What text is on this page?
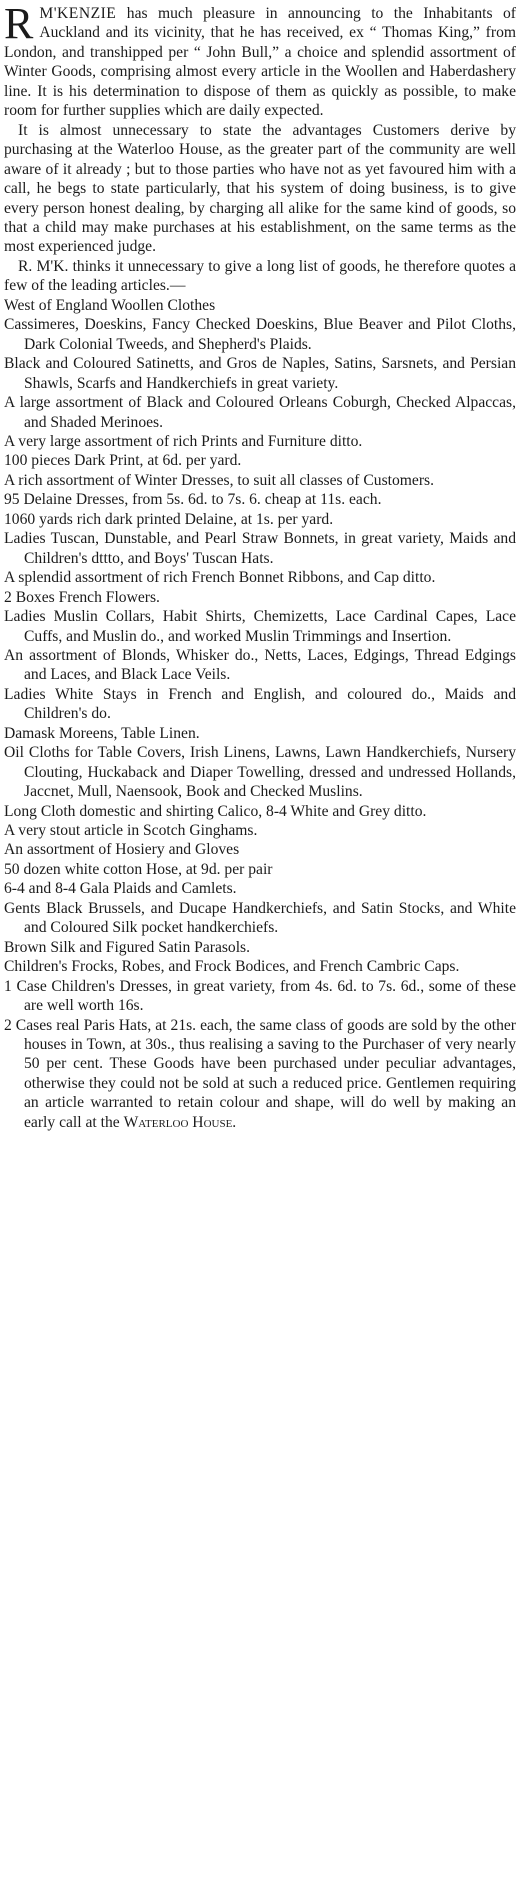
R M'KENZIE has much pleasure in announcing to the Inhabitants of Auckland and its vicinity, that he has received, ex “ Thomas King,” from London, and transhipped per “ John Bull,” a choice and splendid assortment of Winter Goods, comprising almost every article in the Woollen and Haberdashery line. It is his determination to dispose of them as quickly as possible, to make room for further supplies which are daily expected.

It is almost unnecessary to state the advantages Customers derive by purchasing at the Waterloo House, as the greater part of the community are well aware of it already ; but to those parties who have not as yet favoured him with a call, he begs to state particularly, that his system of doing business, is to give every person honest dealing, by charging all alike for the same kind of goods, so that a child may make purchases at his establishment, on the same terms as the most experienced judge.

R. M'K. thinks it unnecessary to give a long list of goods, he therefore quotes a few of the leading articles.—

West of England Woollen Clothes

Cassimeres, Doeskins, Fancy Checked Doeskins, Blue Beaver and Pilot Cloths, Dark Colonial Tweeds, and Shepherd's Plaids.

Black and Coloured Satinetts, and Gros de Naples, Satins, Sarsnets, and Persian Shawls, Scarfs and Handkerchiefs in great variety.

A large assortment of Black and Coloured Orleans Coburgh, Checked Alpaccas, and Shaded Merinoes.

A very large assortment of rich Prints and Furniture ditto.

100 pieces Dark Print, at 6d. per yard.

A rich assortment of Winter Dresses, to suit all classes of Customers.

95 Delaine Dresses, from 5s. 6d. to 7s. 6. cheap at 11s. each.

1060 yards rich dark printed Delaine, at 1s. per yard.

Ladies Tuscan, Dunstable, and Pearl Straw Bonnets, in great variety, Maids and Children's dttto, and Boys' Tuscan Hats.

A splendid assortment of rich French Bonnet Ribbons, and Cap ditto.

2 Boxes French Flowers.

Ladies Muslin Collars, Habit Shirts, Chemizetts, Lace Cardinal Capes, Lace Cuffs, and Muslin do., and worked Muslin Trimmings and Insertion.

An assortment of Blonds, Whisker do., Netts, Laces, Edgings, Thread Edgings and Laces, and Black Lace Veils.

Ladies White Stays in French and English, and coloured do., Maids and Children's do.

Damask Moreens, Table Linen.

Oil Cloths for Table Covers, Irish Linens, Lawns, Lawn Handkerchiefs, Nursery Clouting, Huckaback and Diaper Towelling, dressed and undressed Hollands, Jaccnet, Mull, Naensook, Book and Checked Muslins.

Long Cloth domestic and shirting Calico, 8-4 White and Grey ditto.

A very stout article in Scotch Ginghams.

An assortment of Hosiery and Gloves

50 dozen white cotton Hose, at 9d. per pair

6-4 and 8-4 Gala Plaids and Camlets.

Gents Black Brussels, and Ducape Handkerchiefs, and Satin Stocks, and White and Coloured Silk pocket handkerchiefs.

Brown Silk and Figured Satin Parasols.

Children's Frocks, Robes, and Frock Bodices, and French Cambric Caps.

1 Case Children's Dresses, in great variety, from 4s. 6d. to 7s. 6d., some of these are well worth 16s.

2 Cases real Paris Hats, at 21s. each, the same class of goods are sold by the other houses in Town, at 30s., thus realising a saving to the Purchaser of very nearly 50 per cent. These Goods have been purchased under peculiar advantages, otherwise they could not be sold at such a reduced price. Gentlemen requiring an article warranted to retain colour and shape, will do well by making an early call at the Waterloo House.
